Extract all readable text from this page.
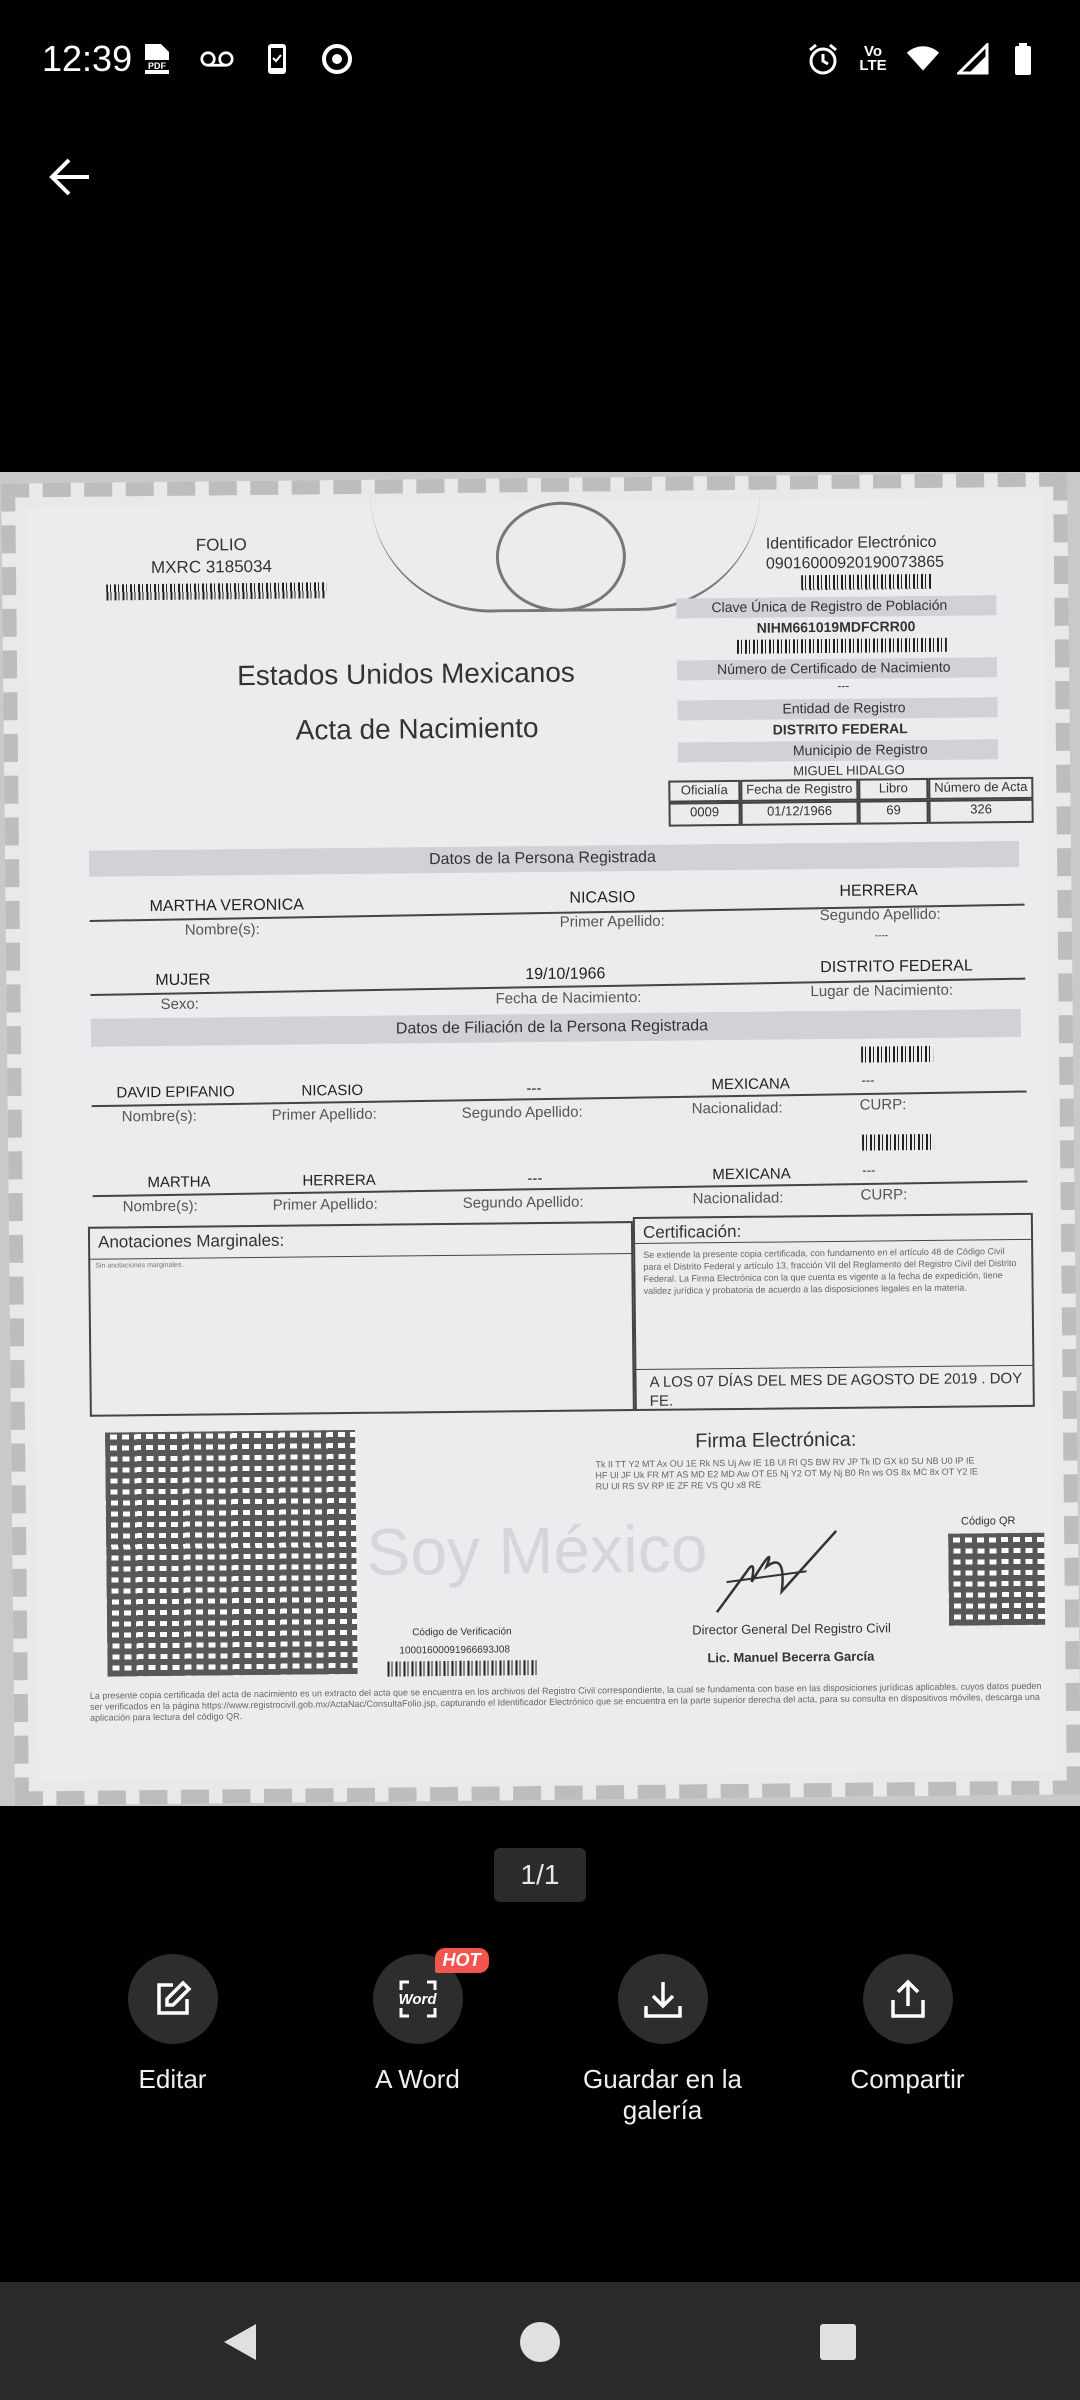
12:39 PDF
Vo LTE
FOLIO
MXRC 3185034
Identificador Electrónico
09016000920190073865
Clave Única de Registro de Población
NIHM661019MDFCRR00
Número de Certificado de Nacimiento
---
Estados Unidos Mexicanos
Acta de Nacimiento
Entidad de Registro
DISTRITO FEDERAL
Municipio de Registro
MIGUEL HIDALGO
Oficialía	Fecha de Registro	Libro	Número de Acta
0009	01/12/1966	69	326
Datos de la Persona Registrada
MARTHA VERONICA	NICASIO	HERRERA
Nombre(s):	Primer Apellido:	Segundo Apellido:
----
MUJER	19/10/1966	DISTRITO FEDERAL
Sexo:	Fecha de Nacimiento:	Lugar de Nacimiento:
Datos de Filiación de la Persona Registrada
DAVID EPIFANIO	NICASIO	---	MEXICANA	---
Nombre(s):	Primer Apellido:	Segundo Apellido:	Nacionalidad:	CURP:
MARTHA	HERRERA	---	MEXICANA	---
Nombre(s):	Primer Apellido:	Segundo Apellido:	Nacionalidad:	CURP:
Anotaciones Marginales:
Sin anotaciones marginales.
Certificación:
Se extiende la presente copia certificada, con fundamento en el artículo 48 de Código Civil para el Distrito Federal y artículo 13, fracción VII del Reglamento del Registro Civil del Distrito Federal. La Firma Electrónica con la que cuenta es vigente a la fecha de expedición, tiene validez jurídica y probatoria de acuerdo a las disposiciones legales en la materia.
A LOS 07 DÍAS DEL MES DE AGOSTO DE 2019 . DOY FE.
Soy México
Firma Electrónica:
Tk II TT Y2 MT Ax OU 1E Rk NS Uj Aw IE 1B Ul RI QS BW RV JP Tk lD GX k0 SU NB U0 IP IE HF Ul JF Uk FR MT AS MD E2 MD Aw OT E5 Nj Y2 OT My Nj B0 Rn ws OS 8x MC 8x OT Y2 lE RU Ul RS SV RP IE ZF RE VS QU x8 RE
Código QR
Código de Verificación
10001600091966693J08
Director General Del Registro Civil
Lic. Manuel Becerra García
La presente copia certificada del acta de nacimiento es un extracto del acta que se encuentra en los archivos del Registro Civil correspondiente, la cual se fundamenta con base en las disposiciones jurídicas aplicables, cuyos datos pueden ser verificados en la página https://www.registrocivil.gob.mx/ActaNac/ConsultaFolio.jsp, capturando el Identificador Electrónico que se encuentra en la parte superior derecha del acta, para su consulta en dispositivos móviles, descarga una aplicación para lectura del código QR.
1/1
Editar
Word
HOT
A Word	Guardar en la galería
Compartir
